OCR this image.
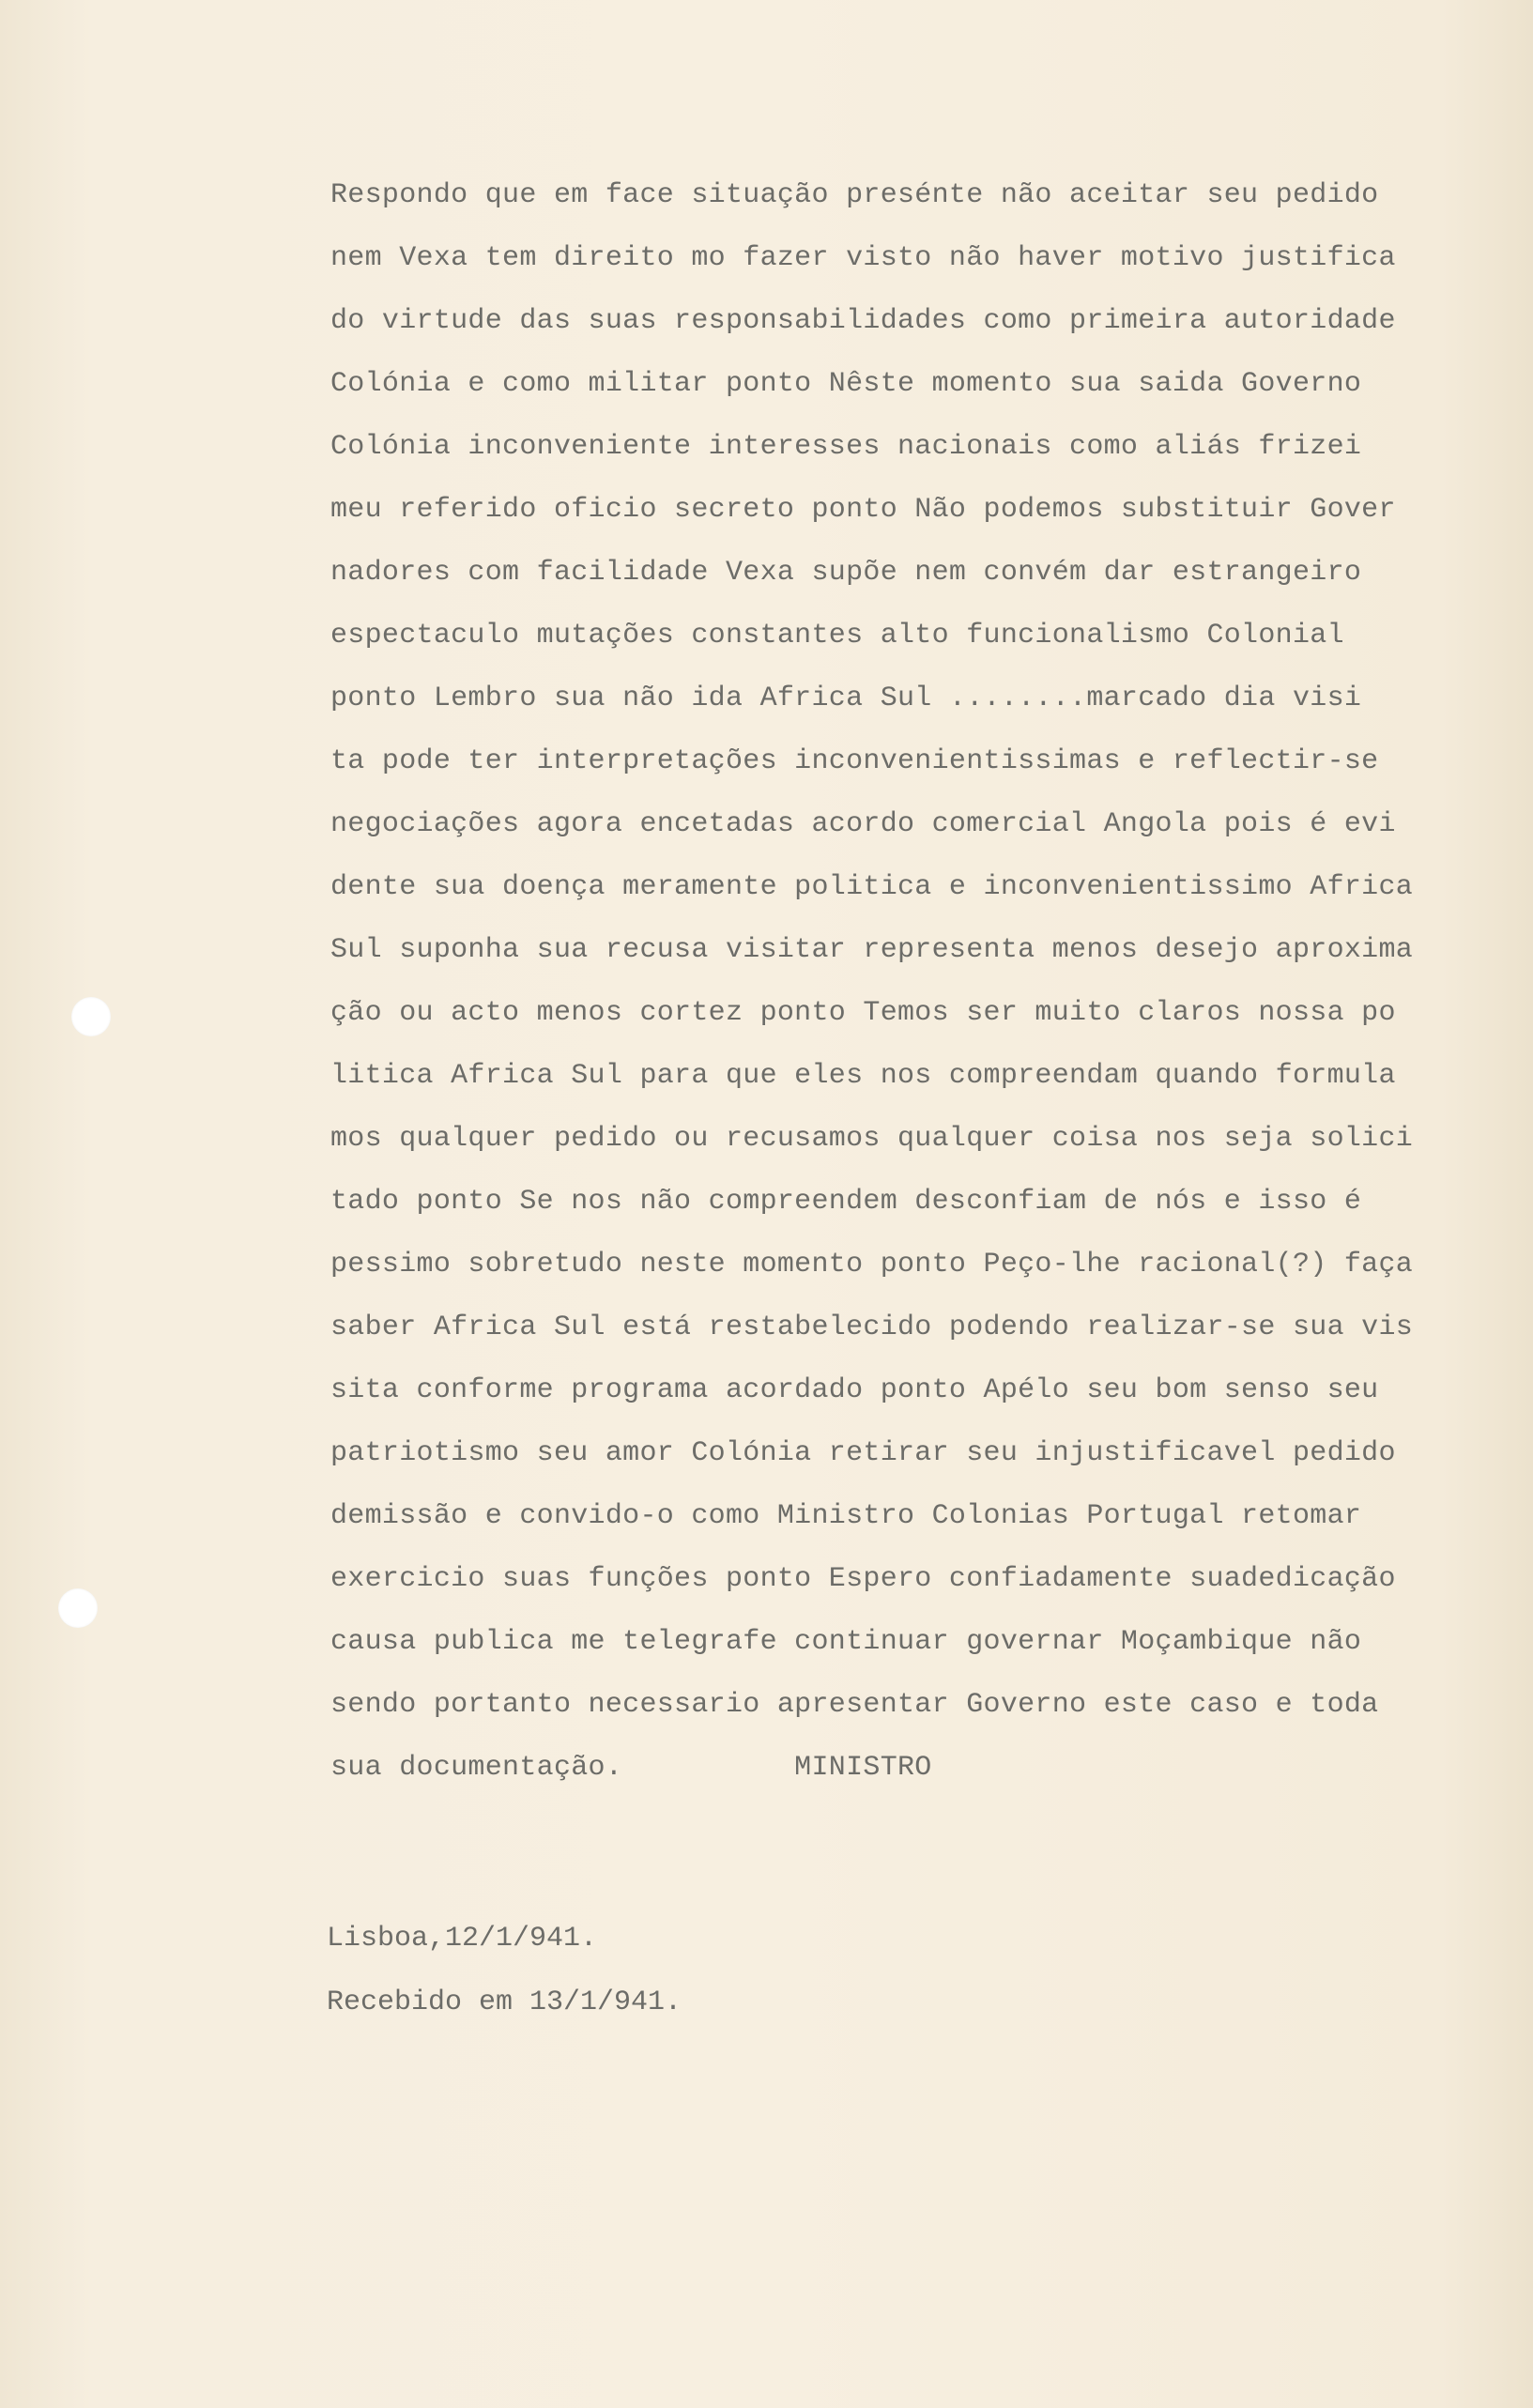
Respondo que em face situação presénte não aceitar seu pedido
nem Vexa tem direito mo fazer visto não haver motivo justifica
do virtude das suas responsabilidades como primeira autoridade
Colónia e como militar ponto Nêste momento sua saida Governo
Colónia inconveniente interesses nacionais como aliás frizei
meu referido oficio secreto ponto Não podemos substituir Gover
nadores com facilidade Vexa supõe nem convém dar estrangeiro
espectaculo mutações constantes alto funcionalismo Colonial
ponto Lembro sua não ida Africa Sul ........marcado dia visi
ta pode ter interpretações inconvenientissimas e reflectir-se
negociações agora encetadas acordo comercial Angola pois é evi
dente sua doença meramente politica e inconvenientissimo Africa
Sul suponha sua recusa visitar representa menos desejo aproxima
ção ou acto menos cortez ponto Temos ser muito claros nossa po
litica Africa Sul para que eles nos compreendam quando formula
mos qualquer pedido ou recusamos qualquer coisa nos seja solici
tado ponto Se nos não compreendem desconfiam de nós e isso é
pessimo sobretudo neste momento ponto Peço-lhe racional(?) faça
saber Africa Sul está restabelecido podendo realizar-se sua vis
sita conforme programa acordado ponto Apélo seu bom senso seu
patriotismo seu amor Colónia retirar seu injustificavel pedido
demissão e convido-o como Ministro Colonias Portugal retomar
exercicio suas funções ponto Espero confiadamente suadedicação
causa publica me telegrafe continuar governar Moçambique não
sendo portanto necessario apresentar Governo este caso e toda
sua documentação.          MINISTRO
Lisboa,12/1/941.
Recebido em 13/1/941.
